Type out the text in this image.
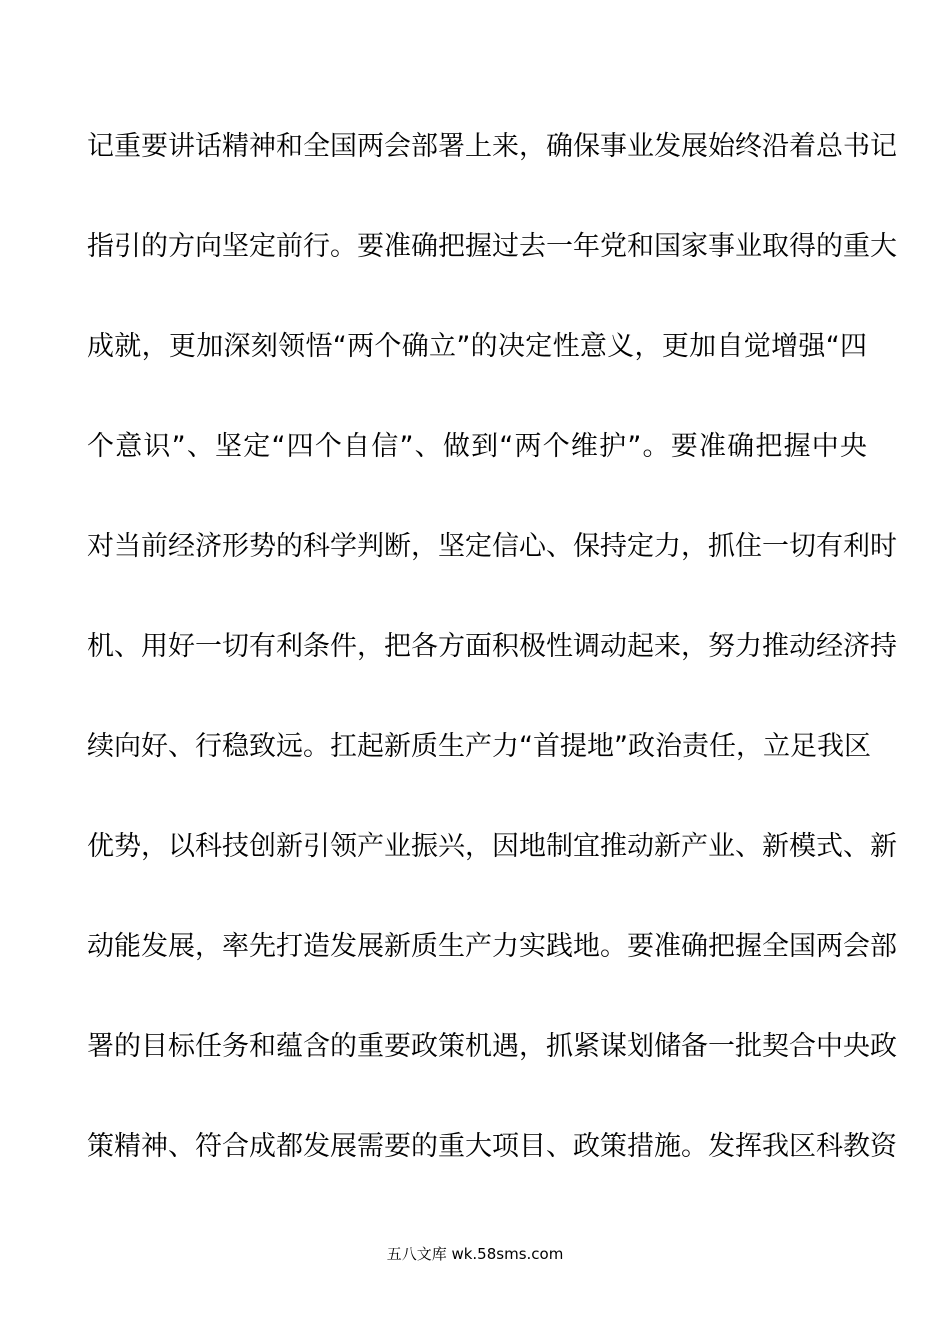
记重要讲话精神和全国两会部署上来，确保事业发展始终沿着总书记
指引的方向坚定前行。要准确把握过去一年党和国家事业取得的重大
成就，更加深刻领悟“两个确立”的决定性意义，更加自觉增强“四
个意识”、坚定“四个自信”、做到“两个维护”。要准确把握中央
对当前经济形势的科学判断，坚定信心、保持定力，抓住一切有利时
机、用好一切有利条件，把各方面积极性调动起来，努力推动经济持
续向好、行稳致远。扛起新质生产力“首提地”政治责任，立足我区
优势，以科技创新引领产业振兴，因地制宜推动新产业、新模式、新
动能发展，率先打造发展新质生产力实践地。要准确把握全国两会部
署的目标任务和蕴含的重要政策机遇，抓紧谋划储备一批契合中央政
策精神、符合成都发展需要的重大项目、政策措施。发挥我区科教资
五八文库 wk.58sms.com
